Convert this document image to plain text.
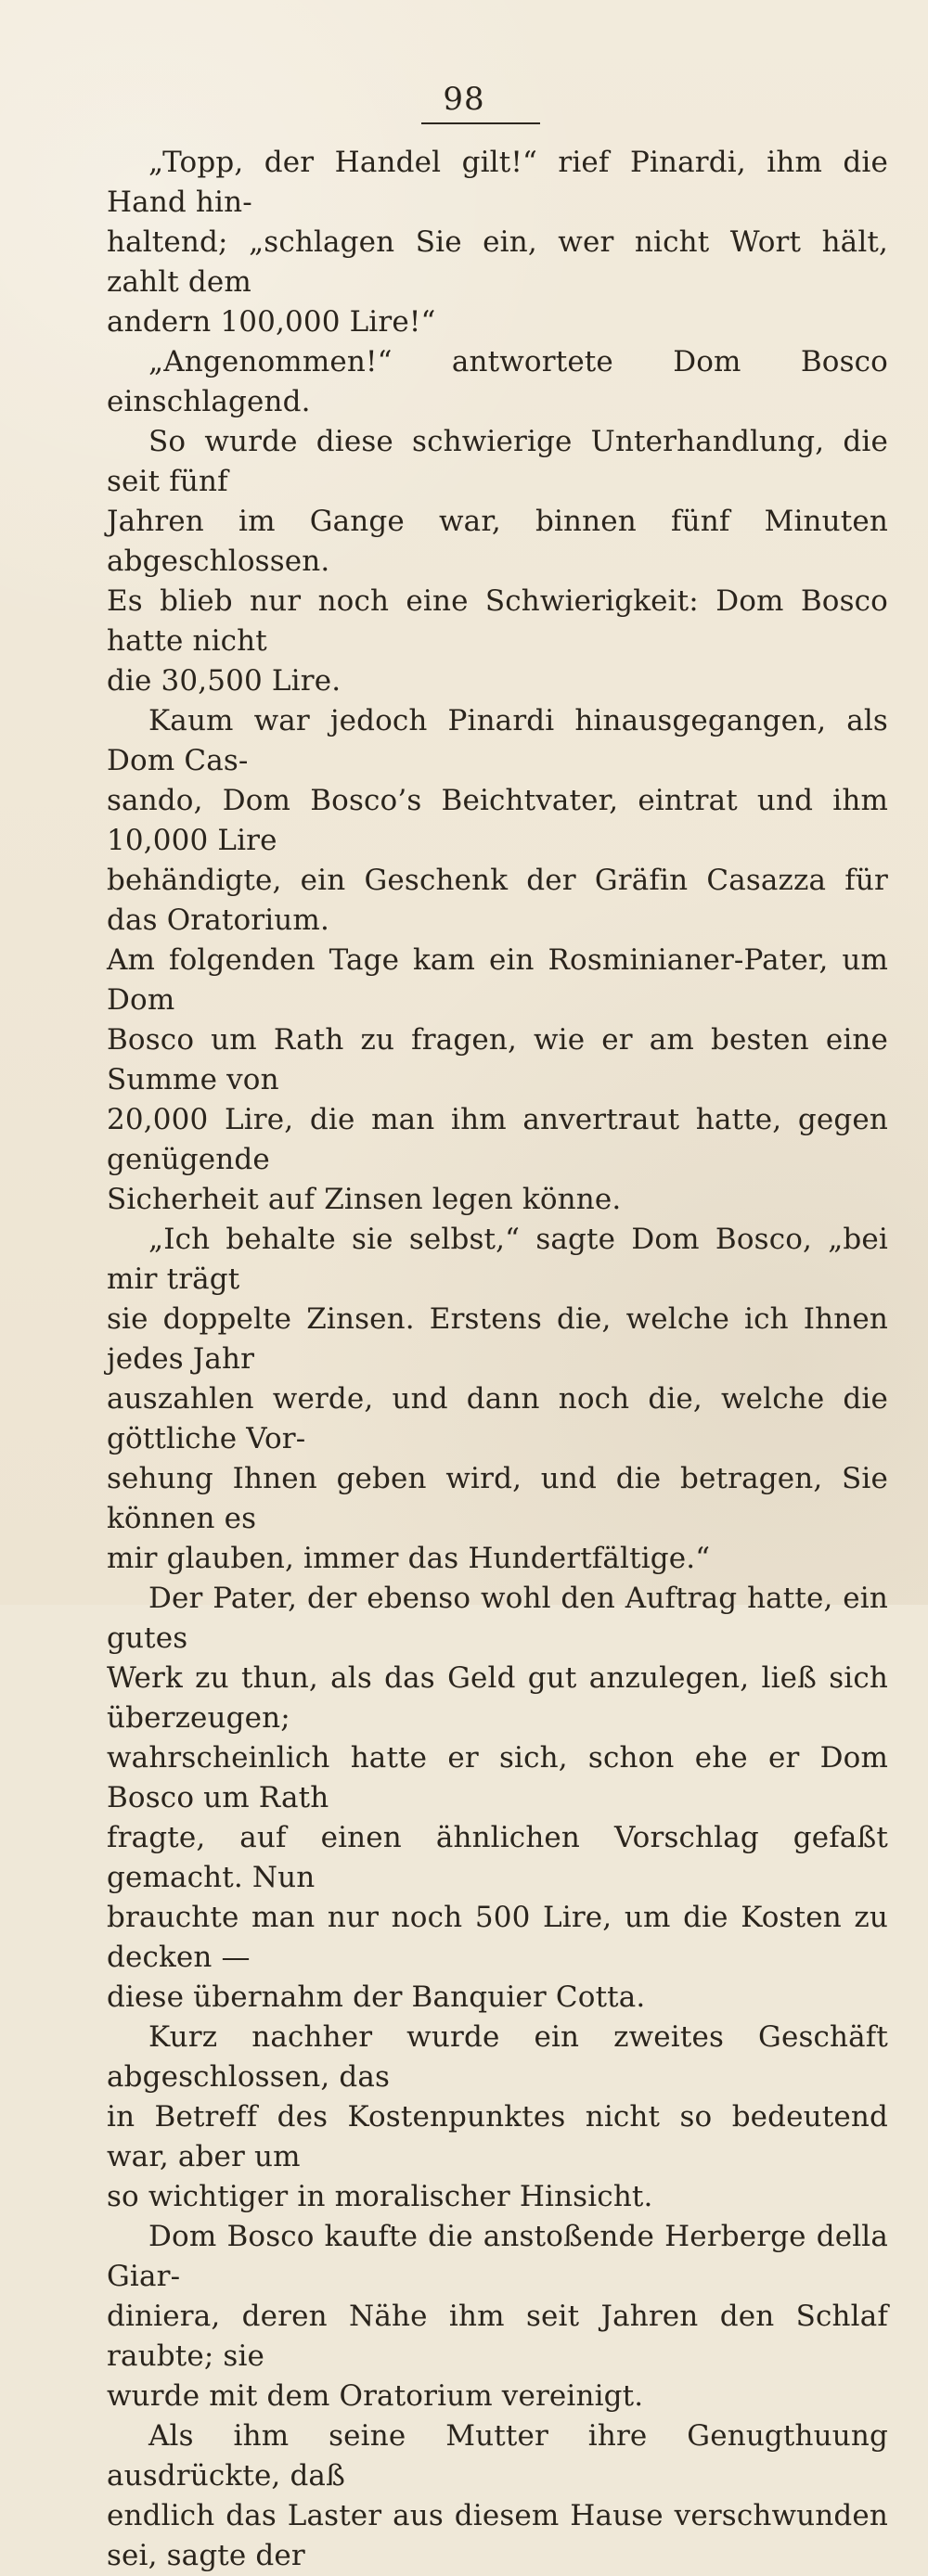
98

„Topp, der Handel gilt!“ rief Pinardi, ihm die Hand hin-
haltend; „schlagen Sie ein, wer nicht Wort hält, zahlt dem
andern 100,000 Lire!“

„Angenommen!“ antwortete Dom Bosco einschlagend.

So wurde diese schwierige Unterhandlung, die seit fünf
Jahren im Gange war, binnen fünf Minuten abgeschlossen.
Es blieb nur noch eine Schwierigkeit: Dom Bosco hatte nicht
die 30,500 Lire.

Kaum war jedoch Pinardi hinausgegangen, als Dom Cas-
sando, Dom Bosco’s Beichtvater, eintrat und ihm 10,000 Lire
behändigte, ein Geschenk der Gräfin Casazza für das Oratorium.
Am folgenden Tage kam ein Rosminianer-Pater, um Dom
Bosco um Rath zu fragen, wie er am besten eine Summe von
20,000 Lire, die man ihm anvertraut hatte, gegen genügende
Sicherheit auf Zinsen legen könne.

„Ich behalte sie selbst,“ sagte Dom Bosco, „bei mir trägt
sie doppelte Zinsen. Erstens die, welche ich Ihnen jedes Jahr
auszahlen werde, und dann noch die, welche die göttliche Vor-
sehung Ihnen geben wird, und die betragen, Sie können es
mir glauben, immer das Hundertfältige.“

Der Pater, der ebenso wohl den Auftrag hatte, ein gutes
Werk zu thun, als das Geld gut anzulegen, ließ sich überzeugen;
wahrscheinlich hatte er sich, schon ehe er Dom Bosco um Rath
fragte, auf einen ähnlichen Vorschlag gefaßt gemacht. Nun
brauchte man nur noch 500 Lire, um die Kosten zu decken —
diese übernahm der Banquier Cotta.

Kurz nachher wurde ein zweites Geschäft abgeschlossen, das
in Betreff des Kostenpunktes nicht so bedeutend war, aber um
so wichtiger in moralischer Hinsicht.

Dom Bosco kaufte die anstoßende Herberge della Giar-
diniera, deren Nähe ihm seit Jahren den Schlaf raubte; sie
wurde mit dem Oratorium vereinigt.

Als ihm seine Mutter ihre Genugthuung ausdrückte, daß
endlich das Laster aus diesem Hause verschwunden sei, sagte der
